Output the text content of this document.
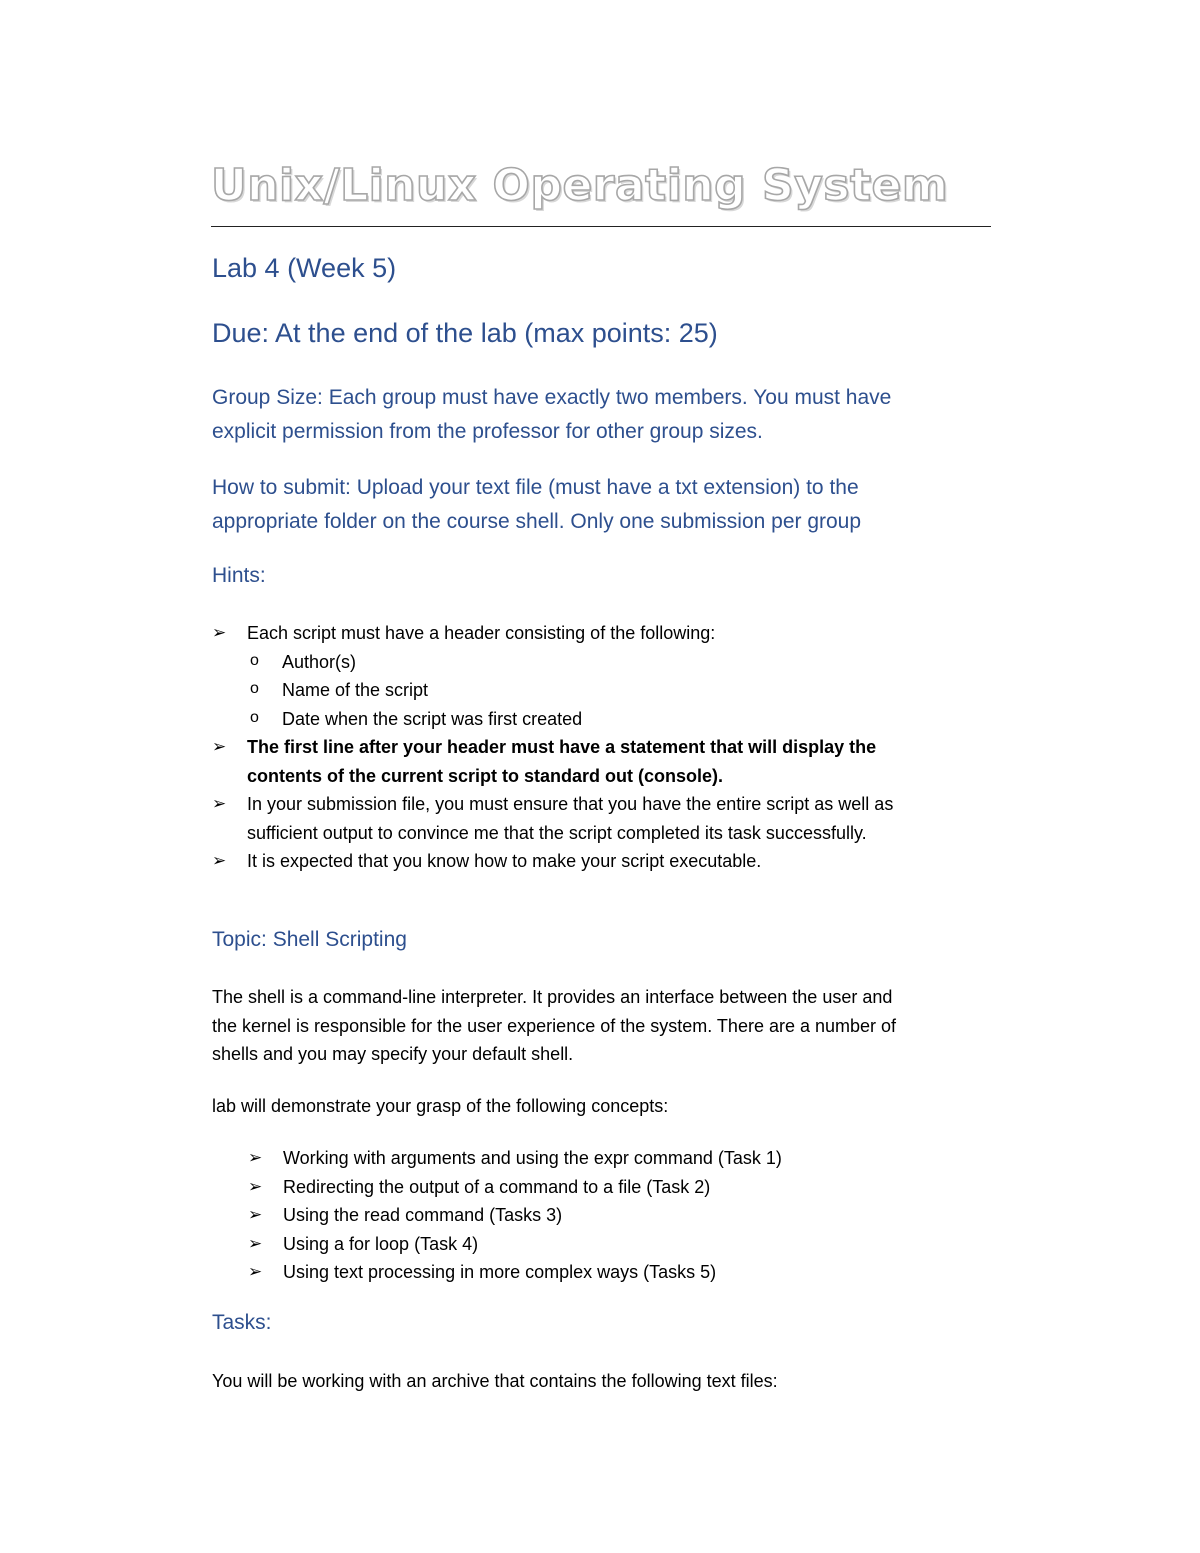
Unix/Linux Operating System
Lab 4 (Week 5)
Due: At the end of the lab (max points: 25)
Group Size: Each group must have exactly two members. You must have
explicit permission from the professor for other group sizes.
How to submit: Upload your text file (must have a txt extension) to the
appropriate folder on the course shell. Only one submission per group
Hints:
➢ Each script must have a header consisting of the following:
o Author(s)
o Name of the script
o Date when the script was first created
➢ The first line after your header must have a statement that will display the
contents of the current script to standard out (console).
➢ In your submission file, you must ensure that you have the entire script as well as
sufficient output to convince me that the script completed its task successfully.
➢ It is expected that you know how to make your script executable.
Topic: Shell Scripting
The shell is a command-line interpreter. It provides an interface between the user and
the kernel is responsible for the user experience of the system. There are a number of
shells and you may specify your default shell.
lab will demonstrate your grasp of the following concepts:
➢ Working with arguments and using the expr command (Task 1)
➢ Redirecting the output of a command to a file (Task 2)
➢ Using the read command (Tasks 3)
➢ Using a for loop (Task 4)
➢ Using text processing in more complex ways (Tasks 5)
Tasks:
You will be working with an archive that contains the following text files:
